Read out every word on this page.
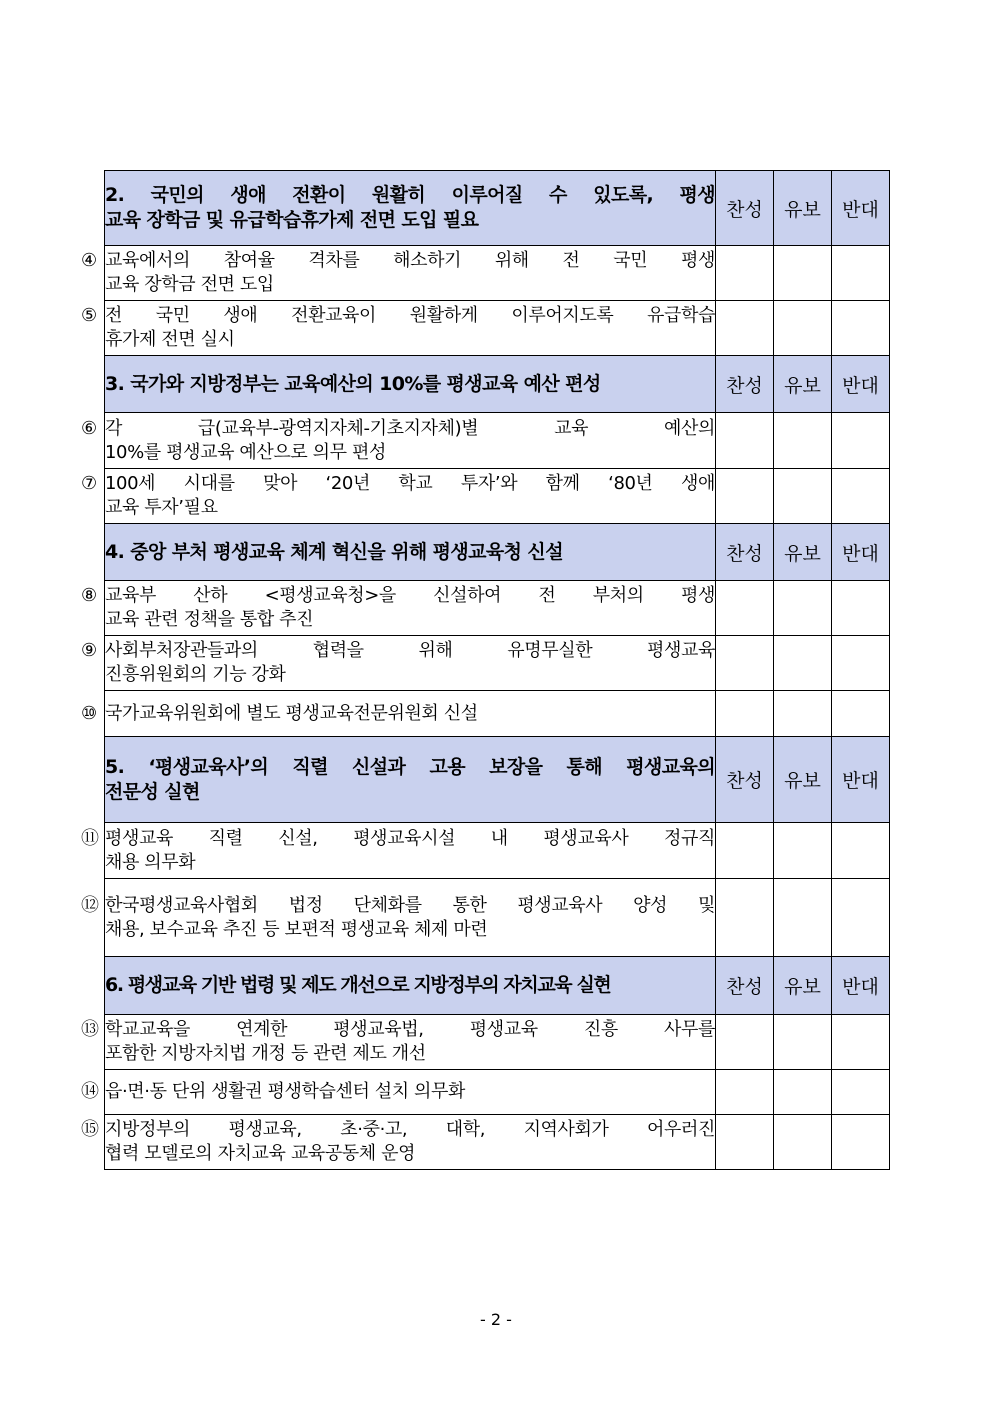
2. 국민의 생애 전환이 원활히 이루어질 수 있도록, 평생
교육 장학금 및 유급학습휴가제 전면 도입 필요	찬성	유보	반대

④ 교육에서의 참여율 격차를 해소하기 위해 전 국민 평생
교육 장학금 전면 도입			

⑤ 전 국민 생애 전환교육이 원활하게 이루어지도록 유급학습
휴가제 전면 실시			

3. 국가와 지방정부는 교육예산의 10%를 평생교육 예산 편성	찬성	유보	반대

⑥ 각 급(교육부-광역지자체-기초지자체)별 교육 예산의
10%를 평생교육 예산으로 의무 편성			

⑦ 100세 시대를 맞아 ‘20년 학교 투자’와 함께 ‘80년 생애
교육 투자’필요			

4. 중앙 부처 평생교육 체계 혁신을 위해 평생교육청 신설	찬성	유보	반대

⑧ 교육부 산하 <평생교육청>을 신설하여 전 부처의 평생
교육 관련 정책을 통합 추진			

⑨ 사회부처장관들과의 협력을 위해 유명무실한 평생교육
진흥위원회의 기능 강화			

⑩ 국가교육위원회에 별도 평생교육전문위원회 신설			

5. ‘평생교육사’의 직렬 신설과 고용 보장을 통해 평생교육의
전문성 실현	찬성	유보	반대

⑪ 평생교육 직렬 신설, 평생교육시설 내 평생교육사 정규직
채용 의무화			

⑫ 한국평생교육사협회 법정 단체화를 통한 평생교육사 양성 및
채용, 보수교육 추진 등 보편적 평생교육 체제 마련			

6. 평생교육 기반 법령 및 제도 개선으로 지방정부의 자치교육 실현	찬성	유보	반대

⑬ 학교교육을 연계한 평생교육법, 평생교육 진흥 사무를
포함한 지방자치법 개정 등 관련 제도 개선			

⑭ 읍·면·동 단위 생활권 평생학습센터 설치 의무화			

⑮ 지방정부의 평생교육, 초·중·고, 대학, 지역사회가 어우러진
협력 모델로의 자치교육 교육공동체 운영			

- 2 -
